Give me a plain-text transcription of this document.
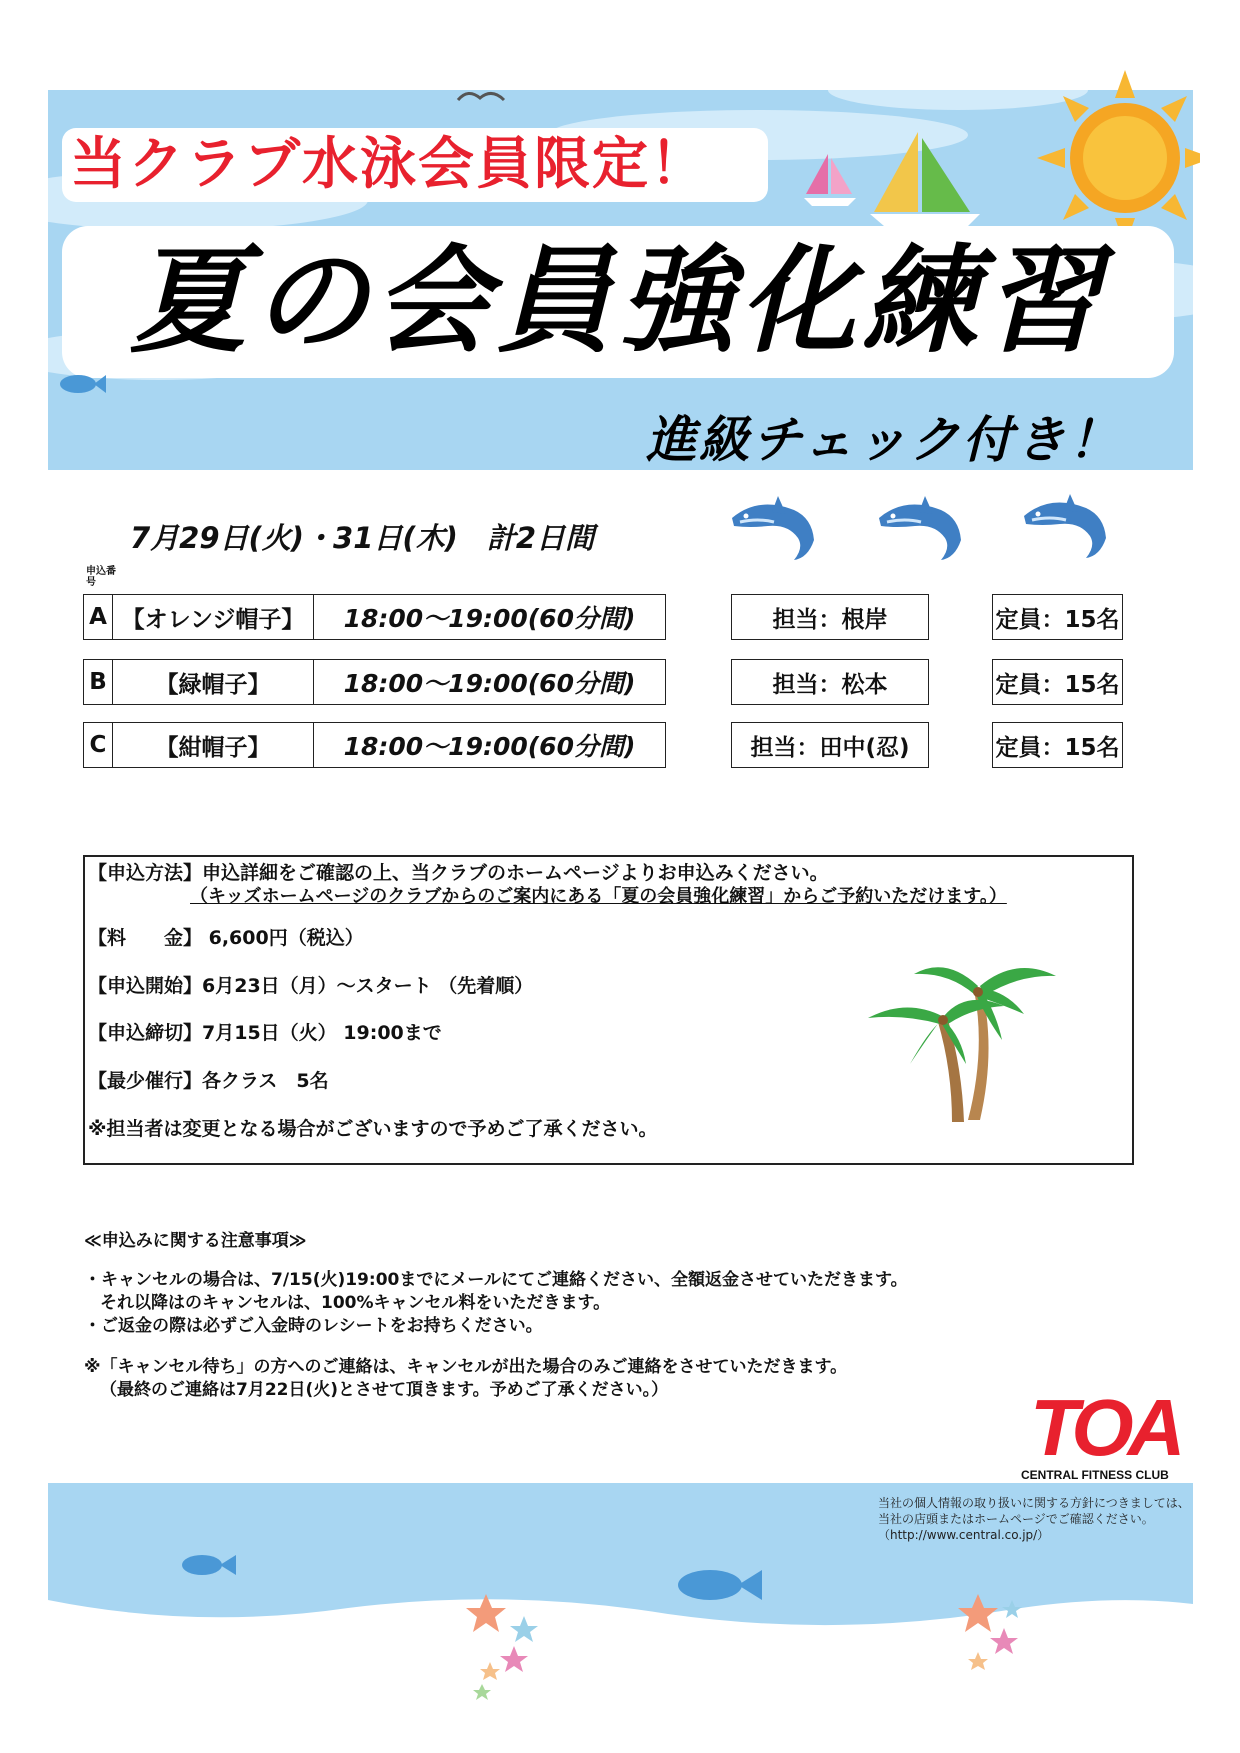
当クラブ水泳会員限定！
夏の会員強化練習
進級チェック付き！
7月29日(火)・31日(木)　計2日間
申込番号
A 【オレンジ帽子】	18:00～19:00(60分間)	担当：根岸	定員：15名
B	【緑帽子】	18:00～19:00(60分間)	担当：松本	定員：15名
C	【紺帽子】	18:00～19:00(60分間)	担当：田中(忍)	定員：15名
【申込方法】申込詳細をご確認の上、当クラブのホームページよりお申込みください。
（キッズホームページのクラブからのご案内にある「夏の会員強化練習」からご予約いただけます。）
【料　　金】 6,600円（税込）
【申込開始】6月23日（月）～スタート （先着順）
【申込締切】7月15日（火） 19:00まで
【最少催行】各クラス　5名
※担当者は変更となる場合がございますので予めご了承ください。
≪申込みに関する注意事項≫
・キャンセルの場合は、7/15(火)19:00までにメールにてご連絡ください、全額返金させていただきます。
それ以降はのキャンセルは、100%キャンセル料をいただきます。
・ご返金の際は必ずご入金時のレシートをお持ちください。
※「キャンセル待ち」の方へのご連絡は、キャンセルが出た場合のみご連絡をさせていただきます。
（最終のご連絡は7月22日(火)とさせて頂きます。予めご了承ください。）	TOA
CENTRAL FITNESS CLUB
当社の個人情報の取り扱いに関する方針につきましては、
当社の店頭またはホームページでご確認ください。
（http://www.central.co.jp/）
